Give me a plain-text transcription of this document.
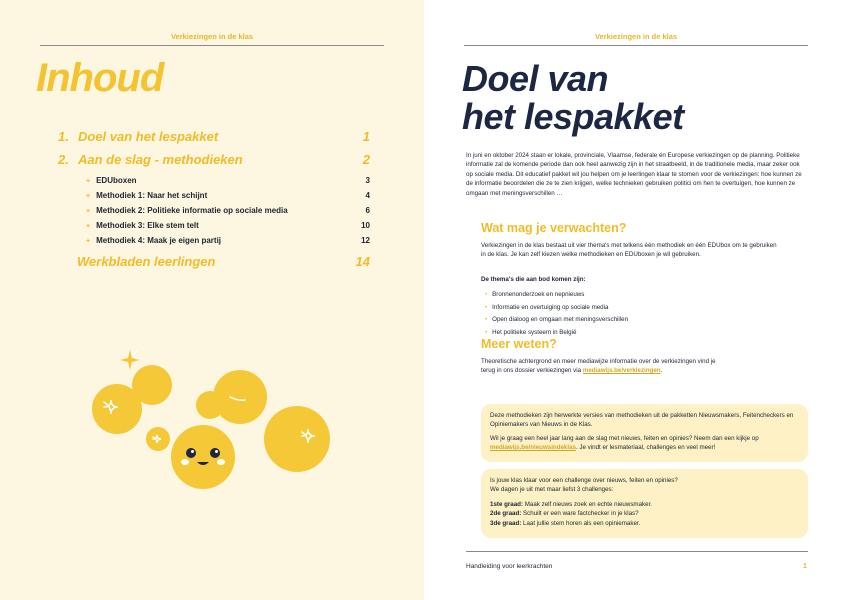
Verkiezingen in de klas
Inhoud
1. Doel van het lespakket	1
2. Aan de slag - methodieken	2
+ EDUboxen	3
+ Methodiek 1: Naar het schijnt	4
+ Methodiek 2: Politieke informatie op sociale media	6
+ Methodiek 3: Elke stem telt	10
+ Methodiek 4: Maak je eigen partij	12
Werkbladen leerlingen	14
Verkiezingen in de klas
Doel van
het lespakket
In juni en oktober 2024 staan er lokale, provinciale, Vlaamse, federale én Europese verkiezingen op de planning. Politieke informatie zal de komende periode dan ook heel aanwezig zijn in het straatbeeld, in de traditionele media, maar zeker ook op sociale media. Dit educatief pakket wil jou helpen om je leerlingen klaar te stomen voor de verkiezingen: hoe kunnen ze de informatie beoordelen die ze te zien krijgen, welke technieken gebruiken politici om hen te overtuigen, hoe kunnen ze omgaan met meningsverschillen …
Wat mag je verwachten?
Verkiezingen in de klas bestaat uit vier thema's met telkens één methodiek en één EDUbox om te gebruiken in de klas. Je kan zelf kiezen welke methodieken en EDUboxen je wil gebruiken.
De thema's die aan bod komen zijn:
• Bronnenonderzoek en nepnieuws
• Informatie en overtuiging op sociale media
• Open dialoog en omgaan met meningsverschillen
• Het politieke systeem in België
Meer weten?
Theoretische achtergrond en meer mediawijze informatie over de verkiezingen vind je terug in ons dossier verkiezingen via mediawijs.be/verkiezingen.

Deze methodieken zijn herwerkte versies van methodieken uit de pakketten Nieuwsmakers, Feitencheckers en Opiniemakers van Nieuws in de Klas.

Wil je graag een heel jaar lang aan de slag met nieuws, feiten en opinies? Neem dan een kijkje op mediawijs.be/nieuwsindeklas. Je vindt er lesmateriaal, challenges en veel meer!

Is jouw klas klaar voor een challenge over nieuws, feiten en opinies?
We dagen je uit met maar liefst 3 challenges:
1ste graad: Maak zelf nieuws zoek en echte nieuwsmaker.
2de graad: Schuilt er een ware factchecker in je klas?
3de graad: Laat jullie stem horen als een opiniemaker.
Handleiding voor leerkrachten	1
